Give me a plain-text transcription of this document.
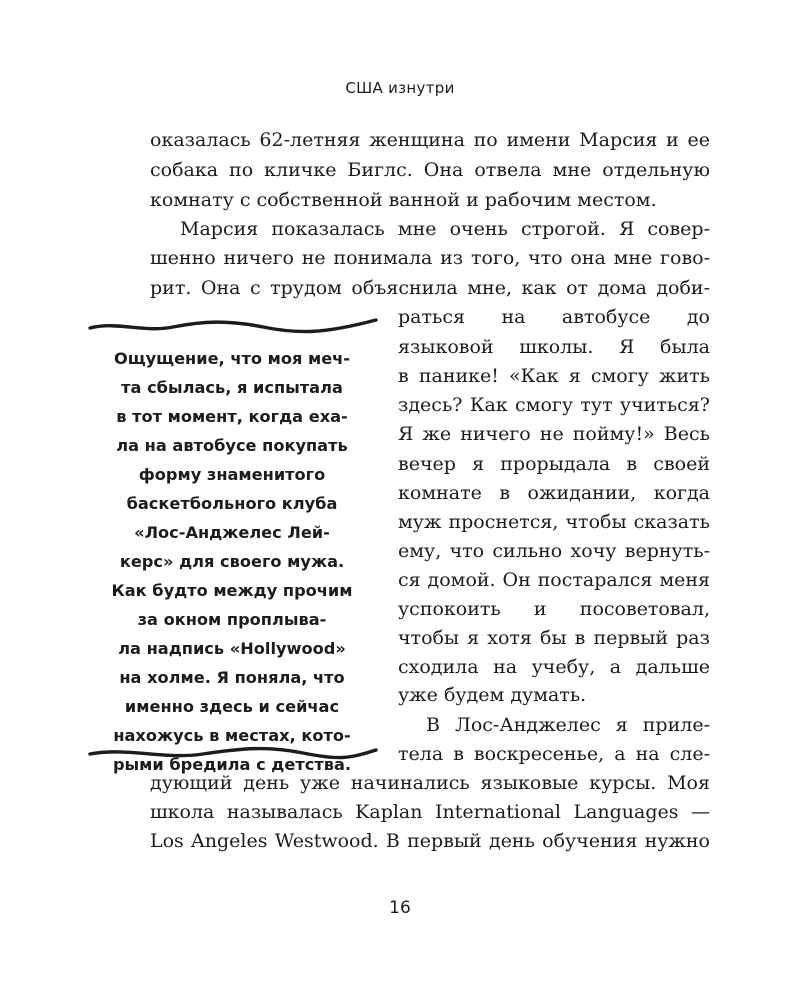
США изнутри
оказалась 62-летняя женщина по имени Марсия и ее
собака по кличке Биглс. Она отвела мне отдельную
комнату с собственной ванной и рабочим местом.
Марсия показалась мне очень строгой. Я совер-
шенно ничего не понимала из того, что она мне гово-
рит. Она с трудом объяснила мне, как от дома доби-
раться на автобусе до
языковой школы. Я была
в панике! «Как я смогу жить
здесь? Как смогу тут учиться?
Я же ничего не пойму!» Весь
вечер я прорыдала в своей
комнате в ожидании, когда
муж проснется, чтобы сказать
ему, что сильно хочу вернуть-
ся домой. Он постарался меня
успокоить и посоветовал,
чтобы я хотя бы в первый раз
сходила на учебу, а дальше
уже будем думать.
В Лос-Анджелес я приле-
тела в воскресенье, а на сле-
дующий день уже начинались языковые курсы. Моя
школа называлась Kaplan International Languages —
Los Angeles Westwood. В первый день обучения нужно
Ощущение, что моя меч-
та сбылась, я испытала
в тот момент, когда еха-
ла на автобусе покупать
форму знаменитого
баскетбольного клуба
«Лос-Анджелес Лей-
керс» для своего мужа.
Как будто между прочим
за окном проплыва-
ла надпись «Hollywood»
на холме. Я поняла, что
именно здесь и сейчас
нахожусь в местах, кото-
рыми бредила с детства.
16
